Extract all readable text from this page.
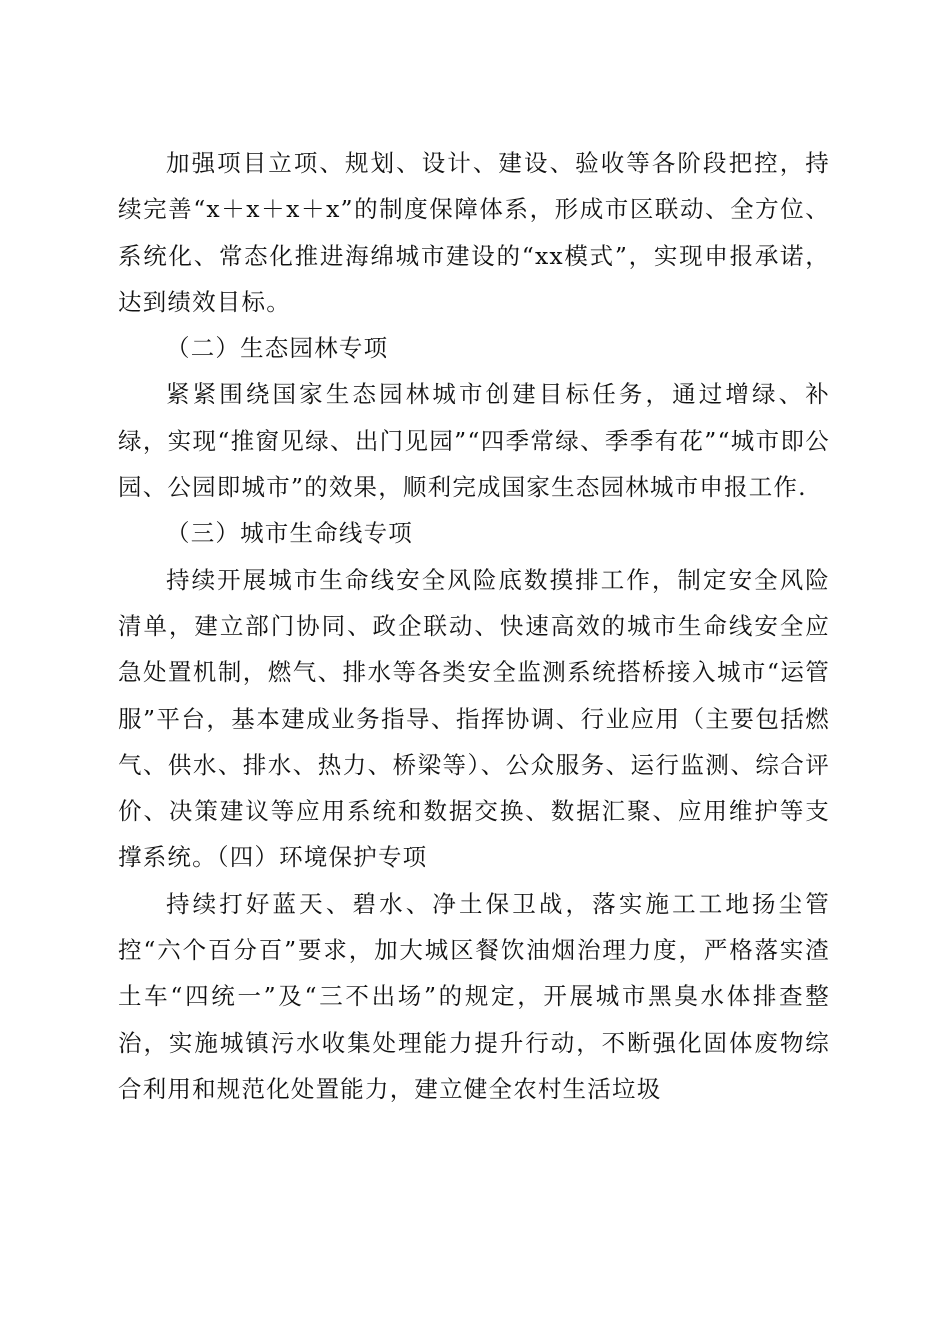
加强项目立项、规划、设计、建设、验收等各阶段把控，持续完善“x＋x＋x＋x”的制度保障体系，形成市区联动、全方位、系统化、常态化推进海绵城市建设的“xx模式”，实现申报承诺，达到绩效目标。

（二）生态园林专项

紧紧围绕国家生态园林城市创建目标任务，通过增绿、补绿，实现“推窗见绿、出门见园”“四季常绿、季季有花”“城市即公园、公园即城市”的效果，顺利完成国家生态园林城市申报工作.

（三）城市生命线专项

持续开展城市生命线安全风险底数摸排工作，制定安全风险清单，建立部门协同、政企联动、快速高效的城市生命线安全应急处置机制，燃气、排水等各类安全监测系统搭桥接入城市“运管服”平台，基本建成业务指导、指挥协调、行业应用（主要包括燃气、供水、排水、热力、桥梁等）、公众服务、运行监测、综合评价、决策建议等应用系统和数据交换、数据汇聚、应用维护等支撑系统。（四）环境保护专项

持续打好蓝天、碧水、净土保卫战，落实施工工地扬尘管控“六个百分百”要求，加大城区餐饮油烟治理力度，严格落实渣土车“四统一”及“三不出场”的规定，开展城市黑臭水体排查整治，实施城镇污水收集处理能力提升行动，不断强化固体废物综合利用和规范化处置能力，建立健全农村生活垃圾
